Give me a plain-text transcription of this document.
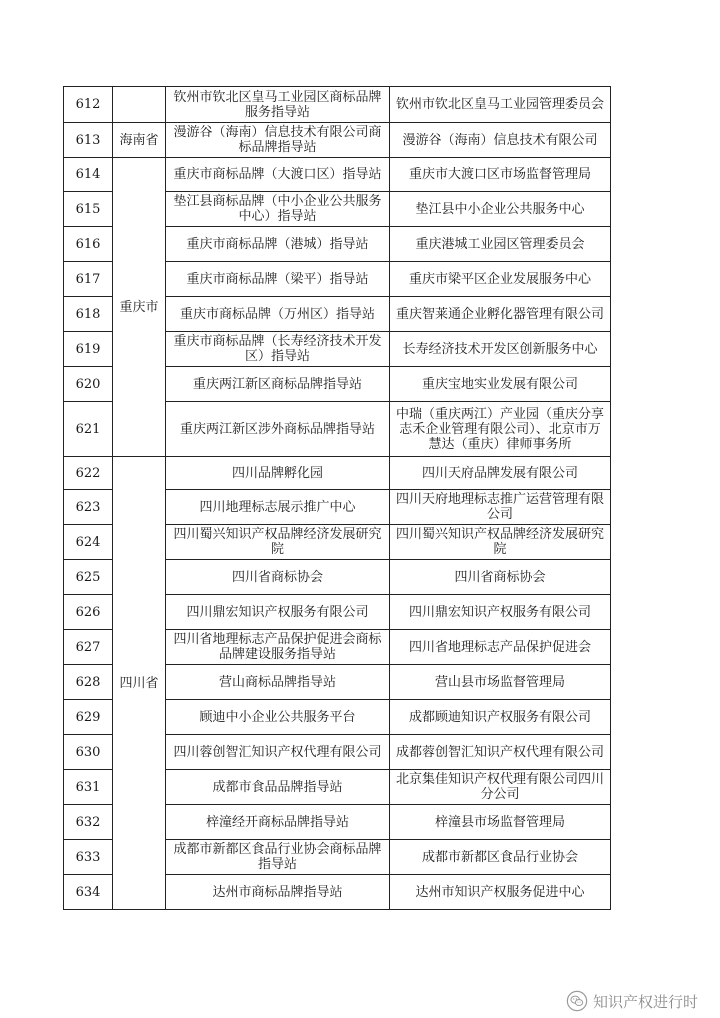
612		钦州市钦北区皇马工业园区商标品牌服务指导站	钦州市钦北区皇马工业园管理委员会
613	海南省	漫游谷（海南）信息技术有限公司商标品牌指导站	漫游谷（海南）信息技术有限公司
614	重庆市	重庆市商标品牌（大渡口区）指导站	重庆市大渡口区市场监督管理局
615		垫江县商标品牌（中小企业公共服务中心）指导站	垫江县中小企业公共服务中心
616		重庆市商标品牌（港城）指导站	重庆港城工业园区管理委员会
617		重庆市商标品牌（梁平）指导站	重庆市梁平区企业发展服务中心
618		重庆市商标品牌（万州区）指导站	重庆智莱通企业孵化器管理有限公司
619		重庆市商标品牌（长寿经济技术开发区）指导站	长寿经济技术开发区创新服务中心
620		重庆两江新区商标品牌指导站	重庆宝地实业发展有限公司
621		重庆两江新区涉外商标品牌指导站	中瑞（重庆两江）产业园（重庆分享志禾企业管理有限公司）、北京市万慧达（重庆）律师事务所
622	四川省	四川品牌孵化园	四川天府品牌发展有限公司
623		四川地理标志展示推广中心	四川天府地理标志推广运营管理有限公司
624		四川蜀兴知识产权品牌经济发展研究院	四川蜀兴知识产权品牌经济发展研究院
625		四川省商标协会	四川省商标协会
626		四川鼎宏知识产权服务有限公司	四川鼎宏知识产权服务有限公司
627		四川省地理标志产品保护促进会商标品牌建设服务指导站	四川省地理标志产品保护促进会
628		营山商标品牌指导站	营山县市场监督管理局
629		顾迪中小企业公共服务平台	成都顾迪知识产权服务有限公司
630		四川蓉创智汇知识产权代理有限公司	成都蓉创智汇知识产权代理有限公司
631		成都市食品品牌指导站	北京集佳知识产权代理有限公司四川分公司
632		梓潼经开商标品牌指导站	梓潼县市场监督管理局
633		成都市新都区食品行业协会商标品牌指导站	成都市新都区食品行业协会
634		达州市商标品牌指导站	达州市知识产权服务促进中心
知识产权进行时
